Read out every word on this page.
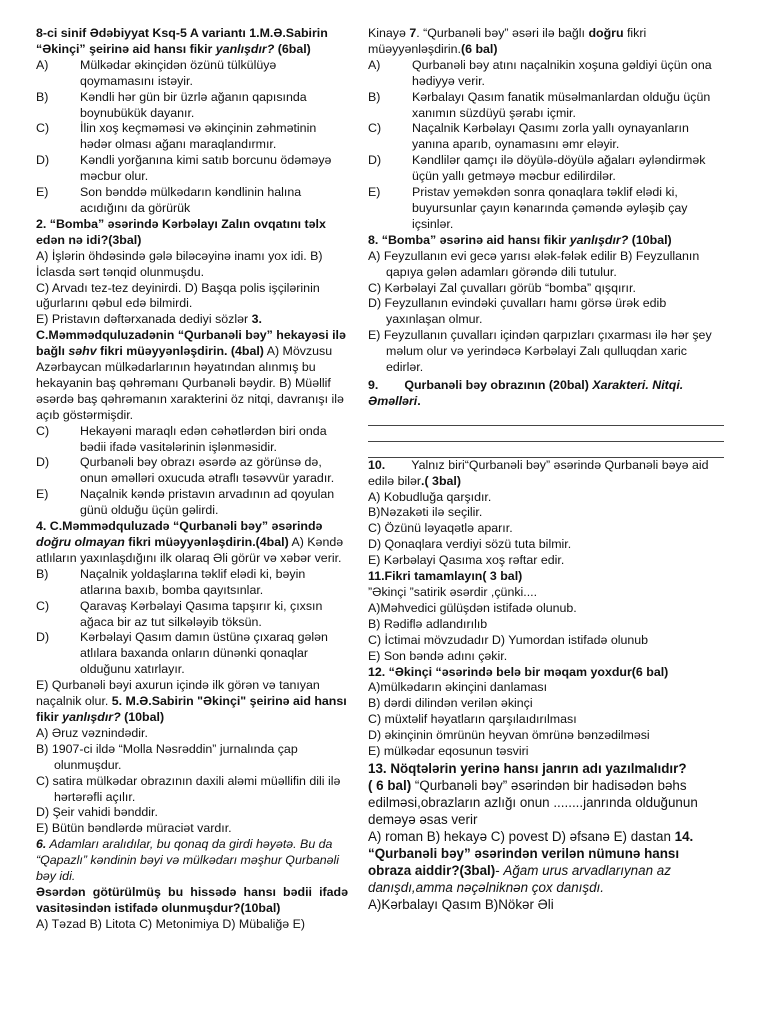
8-ci sinif Ədəbiyyat Ksq-5 A variantı 1.M.Ə.Sabirin “Əkinçi” şeirinə aid hansı fikir yanlışdır? (6bal)
A)	Mülkədar əkinçidən özünü tülkülüyə qoymamasını istəyir.
B)	Kəndli hər gün bir üzrlə ağanın qapısında boynubükük dayanır.
C)	İlin xoş keçməməsi və əkinçinin zəhmətinin hədər olması ağanı maraqlandırmır.
D)	Kəndli yorğanına kimi satıb borcunu ödəməyə məcbur olur.
E)	Son bənddə mülkədarın kəndlinin halına acıdığını da görürük
2. “Bomba” əsərində Kərbəlayı Zalın ovqatını təlx edən nə idi?(3bal)
A) İşlərin öhdəsində gələ biləcəyinə inamı yox idi. B) İclasda sərt tənqid olunmuşdu.
C) Arvadı tez-tez deyinirdi. D) Başqa polis işçilərinin uğurlarını qəbul edə bilmirdi.
E) Pristavın dəftərxanada dediyi sözlər 3.
C.Məmmədquluzadənin “Qurbanəli bəy” hekayəsi ilə bağlı səhv fikri müəyyənləşdirin. (4bal) A) Mövzusu Azərbaycan mülkədarlarının həyatından alınmış bu hekayanin baş qəhrəmanı Qurbanəli bəydir. B) Müəllif əsərdə baş qəhrəmanın xarakterini öz nitqi, davranışı ilə açıb göstərmişdir.
C)	Hekayəni maraqlı edən cəhətlərdən biri onda bədii ifadə vasitələrinin işlənməsidir.
D)	Qurbanəli bəy obrazı əsərdə az görünsə də, onun əməlləri oxucuda ətraflı təsəvvür yaradır.
E)	Naçalnik kəndə pristavın arvadının ad qoyulan günü olduğu üçün gəlirdi.
4. C.Məmmədquluzadə “Qurbanəli bəy” əsərində doğru olmayan fikri müəyyənləşdirin.(4bal) A) Kəndə atlıların yaxınlaşdığını ilk olaraq Əli görür və xəbər verir.
B)	Naçalnik yoldaşlarına təklif elədi ki, bəyin atlarına baxıb, bomba qayıtsınlar.
C)	Qaravaş Kərbəlayi Qasıma tapşırır ki, çıxsın ağaca bir az tut silkələyib töksün.
D)	Kərbəlayi Qasım damın üstünə çıxaraq gələn atlılara baxanda onların dünənki qonaqlar olduğunu xatırlayır.
E) Qurbanəli bəyi axurun içində ilk görən və tanıyan naçalnik olur. 5. M.Ə.Sabirin "Əkinçi" şeirinə aid hansı fikir yanlışdır? (10bal)
A) Əruz vəznindədir.
B) 1907-ci ildə “Molla Nəsrəddin” jurnalında çap olunmuşdur.
C) satira mülkədar obrazının daxili aləmi müəllifin dili ilə hərtərəfli açılır.
D) Şeir vahidi bənddir.
E) Bütün bəndlərdə müraciət vardır.
6. Adamları aralıdılar, bu qonaq da girdi həyətə. Bu da “Qapazlı” kəndinin bəyi və mülkədarı məşhur Qurbanəli bəy idi.
Əsərdən götürülmüş bu hissədə hansı bədii ifadə vasitəsindən istifadə olunmuşdur?(10bal)
A) Təzad B) Litota C) Metonimiya D) Mübaliğə E)
Kinayə 7. “Qurbanəli bəy” əsəri ilə bağlı doğru fikri müəyyənləşdirin.(6 bal)
A)	Qurbanəli bəy atını naçalnikin xoşuna gəldiyi üçün ona hədiyyə verir.
B)	Kərbalayı Qasım fanatik müsəlmanlardan olduğu üçün xanımın süzdüyü şərabı içmir.
C)	Naçalnik Kərbəlayı Qasımı zorla yallı oynayanların yanına aparıb, oynamasını əmr eləyir.
D)	Kəndlilər qamçı ilə döyülə-döyülə ağaları əyləndirmək üçün yallı getməyə məcbur edilirdilər.
E)	Pristav yeməkdən sonra qonaqlara təklif elədi ki, buyursunlar çayın kənarında çəməndə əyləşib çay içsinlər.
8. “Bomba” əsərinə aid hansı fikir yanlışdır? (10bal)
A) Feyzullanın evi gecə yarısı ələk-fələk edilir B) Feyzullanın qapıya gələn adamları görəndə dili tutulur.
C) Kərbəlayi Zal çuvalları görüb “bomba” qışqırır.
D) Feyzullanın evindəki çuvalları hamı görsə ürək edib yaxınlaşan olmur.
E) Feyzullanın çuvalları içindən qarpızları çıxarması ilə hər şey məlum olur və yerindəcə Kərbəlayi Zalı qulluqdan xaric edirlər.
9. Qurbanəli bəy obrazının (20bal) Xarakteri. Nitqi. Əməlləri.
10. Yalnız biri“Qurbanəli bəy” əsərində Qurbanəli bəyə aid edilə bilər.( 3bal)
A) Kobudluğa qarşıdır.
B)Nəzakəti ilə seçilir.
C) Özünü ləyaqətlə aparır.
D) Qonaqlara verdiyi sözü tuta bilmir.
E) Kərbəlayi Qasıma xoş rəftar edir.
11.Fikri tamamlayın( 3 bal)
”Əkinçi ”satirik əsərdir ,çünki....
A)Məhvedici gülüşdən istifadə olunub.
B) Rədiflə adlandırılıb
C) İctimai mövzudadır D) Yumordan istifadə olunub
E) Son bəndə adını çəkir.
12. “Əkinçi “əsərində belə bir məqam yoxdur(6 bal)
A)mülkədarın əkinçini danlaması
B) dərdi dilindən verilən əkinçi
C) müxtəlif həyatların qarşılaıdırılması
D) əkinçinin ömrünün heyvan ömrünə bənzədilməsi
E) mülkədar eqosunun təsviri
13. Nöqtələrin yerinə hansı janrın adı yazılmalıdır?
( 6 bal) “Qurbanəli bəy” əsərindən bir hadisədən bəhs edilməsi,obrazların azlığı onun ........janrında olduğunun deməyə əsas verir
A) roman B) hekayə C) povest D) əfsanə E) dastan 14.
“Qurbanəli bəy” əsərindən verilən nümunə hansı obraza aiddir?(3bal)- Ağam urus arvadlarıynan az danışdı,amma nəçəlniknən çox danışdı.
A)Kərbalayı Qasım B)Nökər Əli
